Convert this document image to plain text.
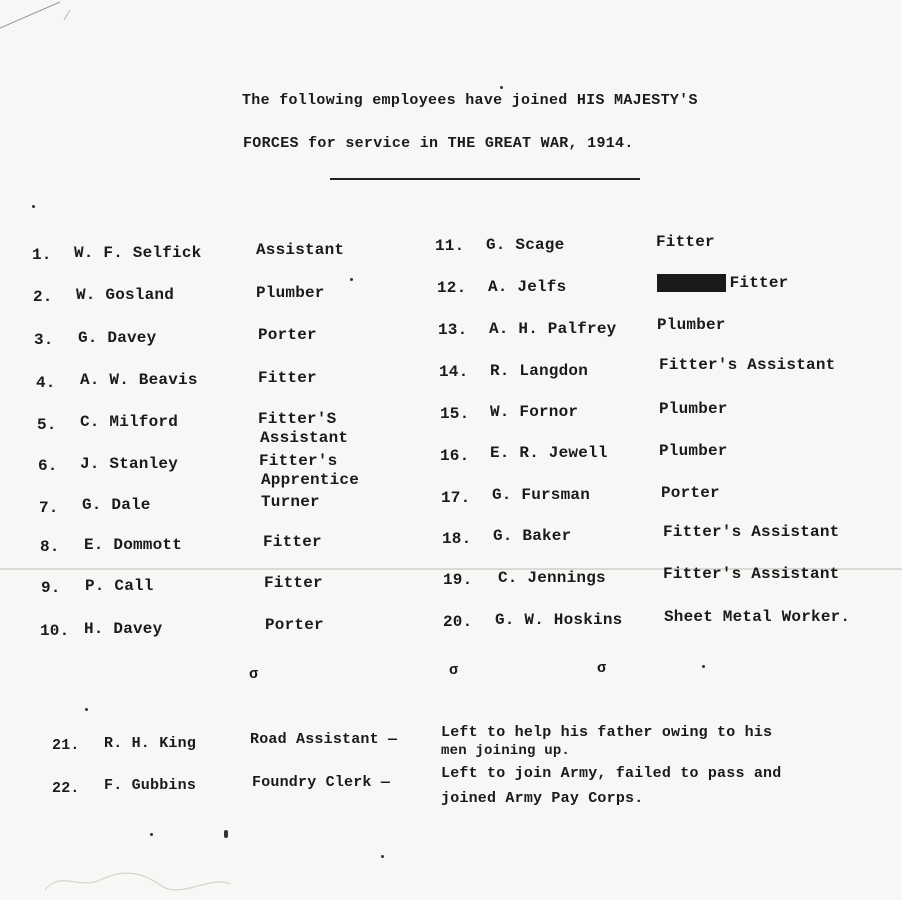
The following employees have joined HIS MAJESTY'S
FORCES for service in THE GREAT WAR, 1914.
1. W. F. Selfick	Assistant
2. W. Gosland	Plumber
3. G. Davey	Porter
4. A. W. Beavis	Fitter
5. C. Milford	Fitter'S
Assistant
6. J. Stanley	Fitter's
Apprentice
7. G. Dale	Turner
8. E. Dommott	Fitter
9. P. Call	Fitter
10. H. Davey	Porter
11. G. Scage	Fitter
12. A. Jelfs	Plumber Fitter
13. A. H. Palfrey	Plumber
14. R. Langdon	Fitter's Assistant
15. W. Fornor	Plumber
16. E. R. Jewell	Plumber
17. G. Fursman	Porter
18. G. Baker	Fitter's Assistant
19. C. Jennings	Fitter's Assistant
20. G. W. Hoskins	Sheet Metal Worker.
σ	σ	σ
21. R. H. King	Road Assistant —	Left to help his father owing to his
men joining up.
22. F. Gubbins	Foundry Clerk —
Left to join Army, failed to pass and
joined Army Pay Corps.
